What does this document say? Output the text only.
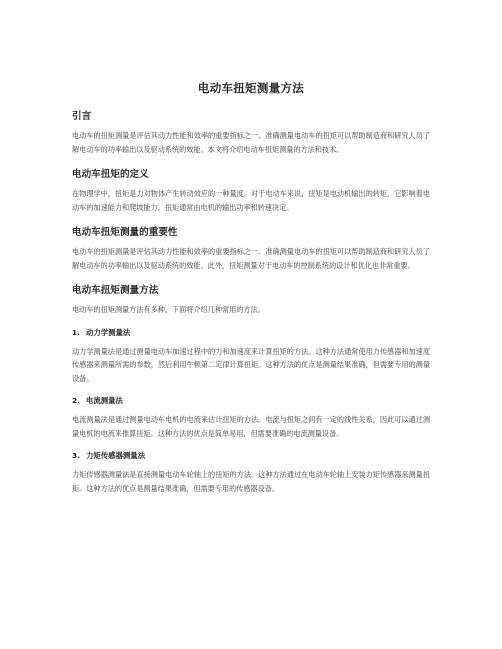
电动车扭矩测量方法
引言

电动车的扭矩测量是评估其动力性能和效率的重要指标之一。准确测量电动车的扭矩可以帮助制造商和研究人员了解电动车的功率输出以及驱动系统的效能。本文将介绍电动车扭矩测量的方法和技术。

电动车扭矩的定义

在物理学中，扭矩是力对物体产生转动效应的一种量度。对于电动车来说，扭矩是电动机输出的转矩，它影响着电动车的加速能力和爬坡能力。扭矩通常由电机的输出功率和转速决定。

电动车扭矩测量的重要性

电动车的扭矩测量是评估其动力性能和效率的重要指标之一。准确测量电动车的扭矩可以帮助制造商和研究人员了解电动车的功率输出以及驱动系统的效能。此外，扭矩测量对于电动车的控制系统的设计和优化也非常重要。

电动车扭矩测量方法

电动车的扭矩测量方法有多种，下面将介绍几种常用的方法。

1. 动力学测量法

动力学测量法是通过测量电动车加速过程中的力和加速度来计算扭矩的方法。这种方法通常使用力传感器和加速度传感器来测量所需的参数，然后利用牛顿第二定律计算扭矩。这种方法的优点是测量结果准确，但需要专用的测量设备。

2. 电流测量法

电流测量法是通过测量电动车电机的电流来估计扭矩的方法。电流与扭矩之间有一定的线性关系，因此可以通过测量电机的电流来推算扭矩。这种方法的优点是简单易用，但需要准确的电流测量设备。

3. 力矩传感器测量法

力矩传感器测量法是直接测量电动车轮轴上的扭矩的方法。这种方法通过在电动车轮轴上安装力矩传感器来测量扭矩。这种方法的优点是测量结果准确，但需要专用的传感器设备。
